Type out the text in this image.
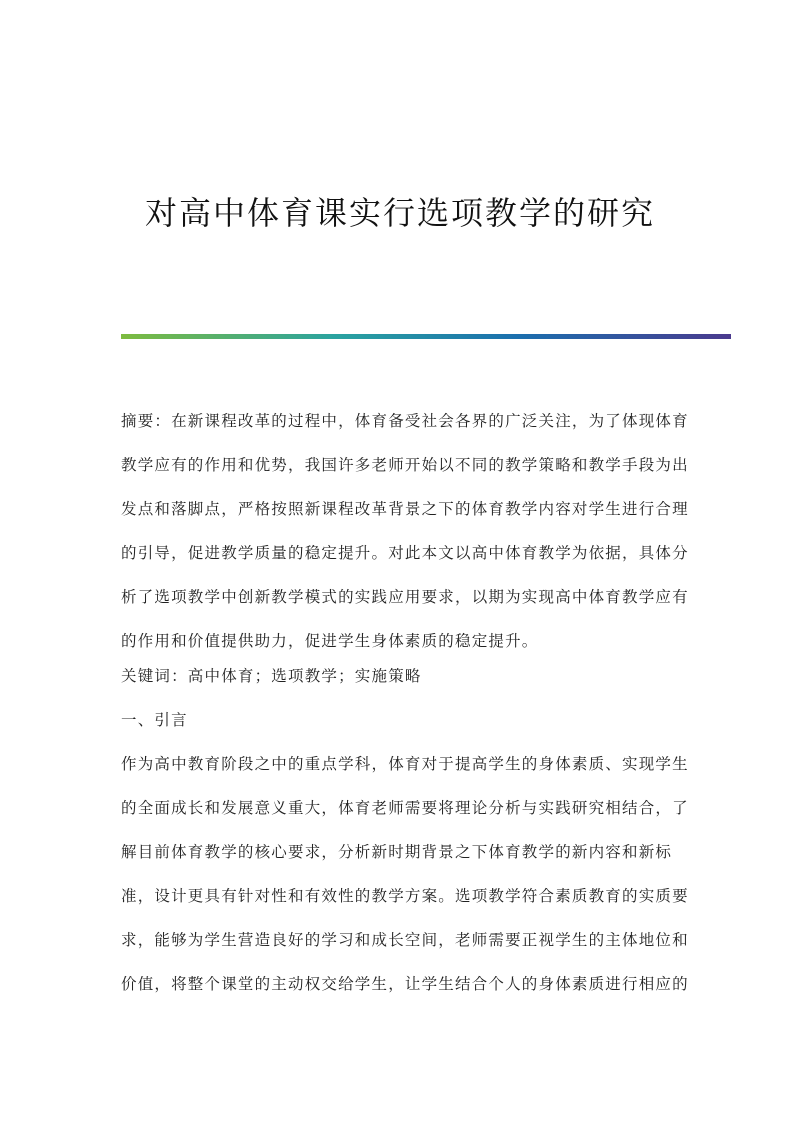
对高中体育课实行选项教学的研究
摘要：在新课程改革的过程中，体育备受社会各界的广泛关注，为了体现体育
教学应有的作用和优势，我国许多老师开始以不同的教学策略和教学手段为出
发点和落脚点，严格按照新课程改革背景之下的体育教学内容对学生进行合理
的引导，促进教学质量的稳定提升。对此本文以高中体育教学为依据，具体分
析了选项教学中创新教学模式的实践应用要求，以期为实现高中体育教学应有
的作用和价值提供助力，促进学生身体素质的稳定提升。
关键词：高中体育；选项教学；实施策略
一、引言
作为高中教育阶段之中的重点学科，体育对于提高学生的身体素质、实现学生
的全面成长和发展意义重大，体育老师需要将理论分析与实践研究相结合，了
解目前体育教学的核心要求，分析新时期背景之下体育教学的新内容和新标
准，设计更具有针对性和有效性的教学方案。选项教学符合素质教育的实质要
求，能够为学生营造良好的学习和成长空间，老师需要正视学生的主体地位和
价值，将整个课堂的主动权交给学生，让学生结合个人的身体素质进行相应的
